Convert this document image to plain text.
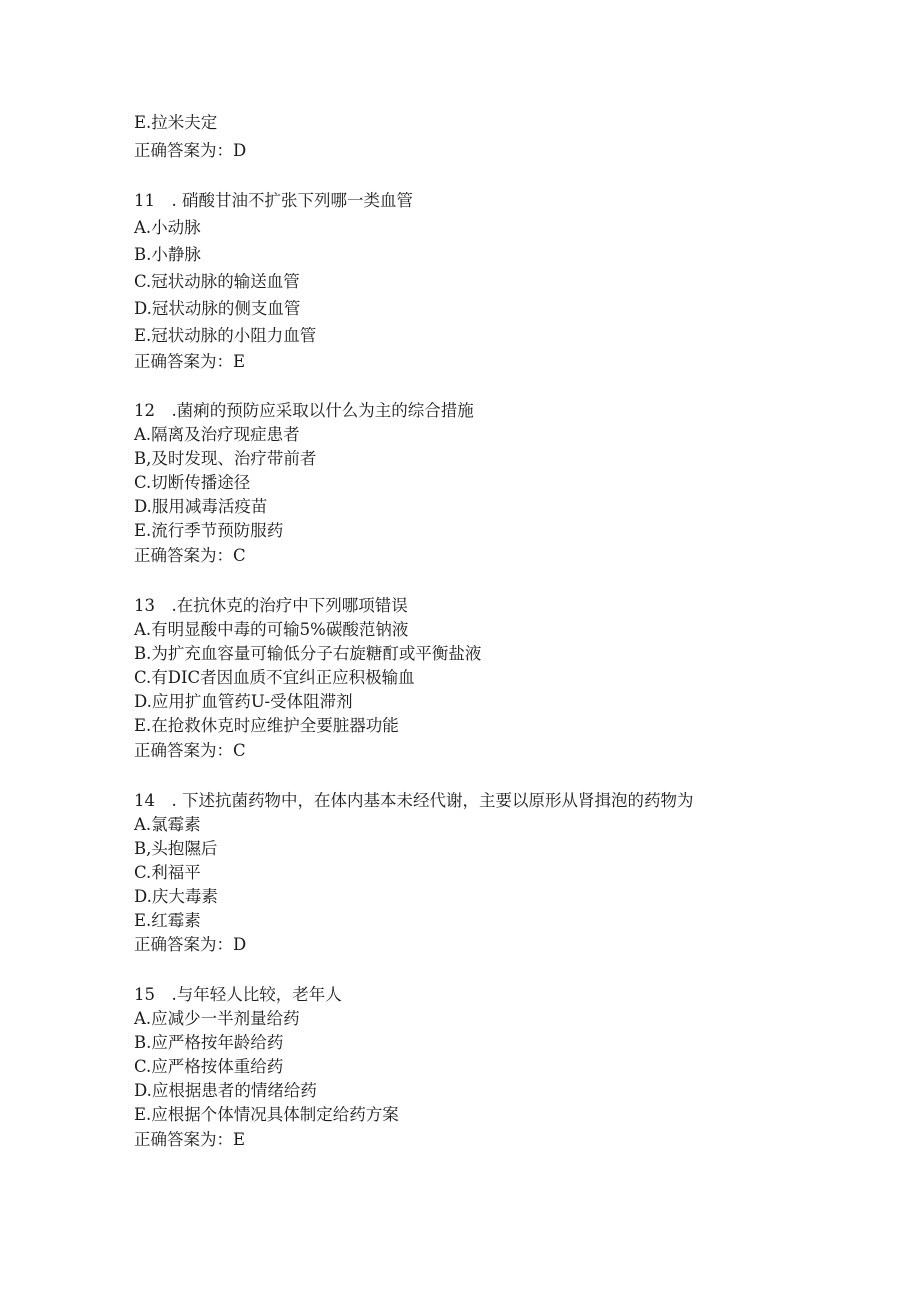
E.拉米夫定
正确答案为：D
11　. 硝酸甘油不扩张下列哪一类血管
A.小动脉
B.小静脉
C.冠状动脉的输送血管
D.冠状动脉的侧支血管
E.冠状动脉的小阻力血管
正确答案为：E
12　.菌痢的预防应采取以什么为主的综合措施
A.隔离及治疗现症患者
B,及时发现、治疗带前者
C.切断传播途径
D.服用减毒活疫苗
E.流行季节预防服药
正确答案为：C
13　.在抗休克的治疗中下列哪项错误
A.有明显酸中毒的可输5%碳酸范钠液
B.为扩充血容量可输低分子右旋糖酊或平衡盐液
C.有DIC者因血质不宜纠正应积极输血
D.应用扩血管药U-受体阻滞剂
E.在抢救休克时应维护全要脏器功能
正确答案为：C
14　. 下述抗菌药物中，在体内基本未经代谢，主要以原形从肾揖泡的药物为
A.氯霉素
B,头抱隰后
C.利福平
D.庆大毒素
E.红霉素
正确答案为：D
15　.与年轻人比较，老年人
A.应减少一半剂量给药
B.应严格按年龄给药
C.应严格按体重给药
D.应根据患者的情绪给药
E.应根据个体情况具体制定给药方案
正确答案为：E
